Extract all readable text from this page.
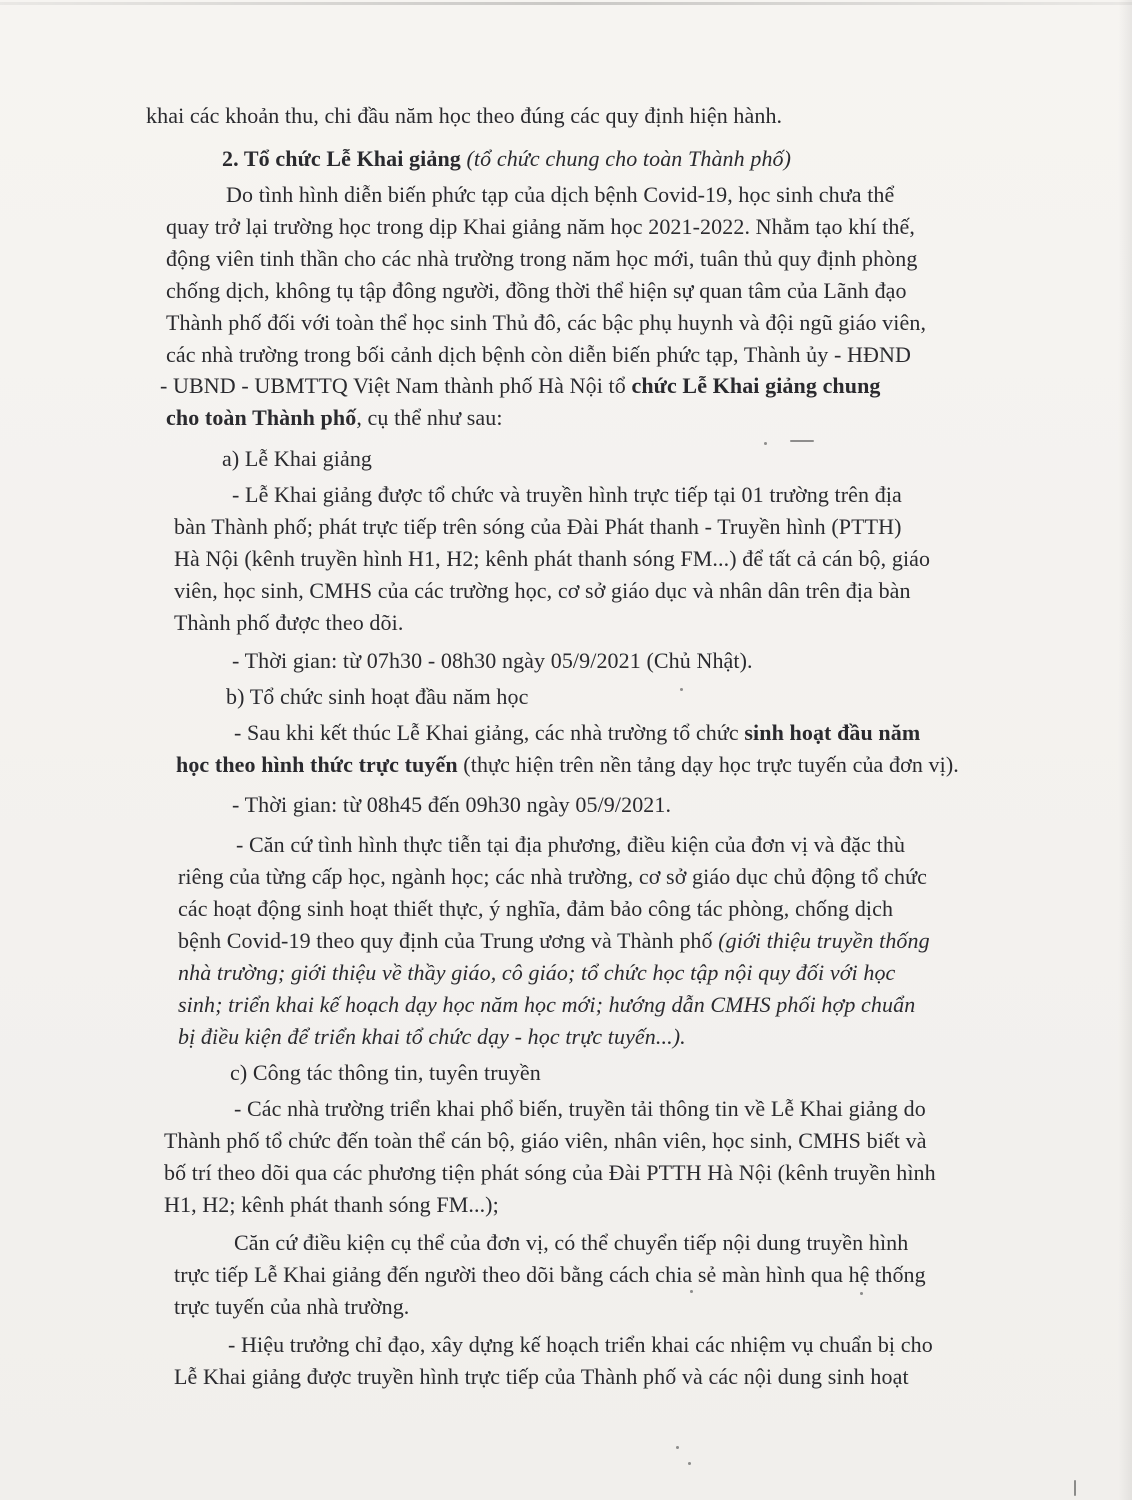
khai các khoản thu, chi đầu năm học theo đúng các quy định hiện hành.
2. Tổ chức Lễ Khai giảng (tổ chức chung cho toàn Thành phố)
Do tình hình diễn biến phức tạp của dịch bệnh Covid-19, học sinh chưa thể
quay trở lại trường học trong dịp Khai giảng năm học 2021-2022. Nhằm tạo khí thế,
động viên tinh thần cho các nhà trường trong năm học mới, tuân thủ quy định phòng
chống dịch, không tụ tập đông người, đồng thời thể hiện sự quan tâm của Lãnh đạo
Thành phố đối với toàn thể học sinh Thủ đô, các bậc phụ huynh và đội ngũ giáo viên,
các nhà trường trong bối cảnh dịch bệnh còn diễn biến phức tạp, Thành ủy - HĐND
- UBND - UBMTTQ Việt Nam thành phố Hà Nội tổ chức Lễ Khai giảng chung
cho toàn Thành phố, cụ thể như sau:
a) Lễ Khai giảng
- Lễ Khai giảng được tổ chức và truyền hình trực tiếp tại 01 trường trên địa
bàn Thành phố; phát trực tiếp trên sóng của Đài Phát thanh - Truyền hình (PTTH)
Hà Nội (kênh truyền hình H1, H2; kênh phát thanh sóng FM...) để tất cả cán bộ, giáo
viên, học sinh, CMHS của các trường học, cơ sở giáo dục và nhân dân trên địa bàn
Thành phố được theo dõi.
- Thời gian: từ 07h30 - 08h30 ngày 05/9/2021 (Chủ Nhật).
b) Tổ chức sinh hoạt đầu năm học
- Sau khi kết thúc Lễ Khai giảng, các nhà trường tổ chức sinh hoạt đầu năm
học theo hình thức trực tuyến (thực hiện trên nền tảng dạy học trực tuyến của đơn vị).
- Thời gian: từ 08h45 đến 09h30 ngày 05/9/2021.
- Căn cứ tình hình thực tiễn tại địa phương, điều kiện của đơn vị và đặc thù
riêng của từng cấp học, ngành học; các nhà trường, cơ sở giáo dục chủ động tổ chức
các hoạt động sinh hoạt thiết thực, ý nghĩa, đảm bảo công tác phòng, chống dịch
bệnh Covid-19 theo quy định của Trung ương và Thành phố (giới thiệu truyền thống
nhà trường; giới thiệu về thầy giáo, cô giáo; tổ chức học tập nội quy đối với học
sinh; triển khai kế hoạch dạy học năm học mới; hướng dẫn CMHS phối hợp chuẩn
bị điều kiện để triển khai tổ chức dạy - học trực tuyến...).
c) Công tác thông tin, tuyên truyền
- Các nhà trường triển khai phổ biến, truyền tải thông tin về Lễ Khai giảng do
Thành phố tổ chức đến toàn thể cán bộ, giáo viên, nhân viên, học sinh, CMHS biết và
bố trí theo dõi qua các phương tiện phát sóng của Đài PTTH Hà Nội (kênh truyền hình
H1, H2; kênh phát thanh sóng FM...);
Căn cứ điều kiện cụ thể của đơn vị, có thể chuyển tiếp nội dung truyền hình
trực tiếp Lễ Khai giảng đến người theo dõi bằng cách chia sẻ màn hình qua hệ thống
trực tuyến của nhà trường.
- Hiệu trưởng chỉ đạo, xây dựng kế hoạch triển khai các nhiệm vụ chuẩn bị cho
Lễ Khai giảng được truyền hình trực tiếp của Thành phố và các nội dung sinh hoạt
